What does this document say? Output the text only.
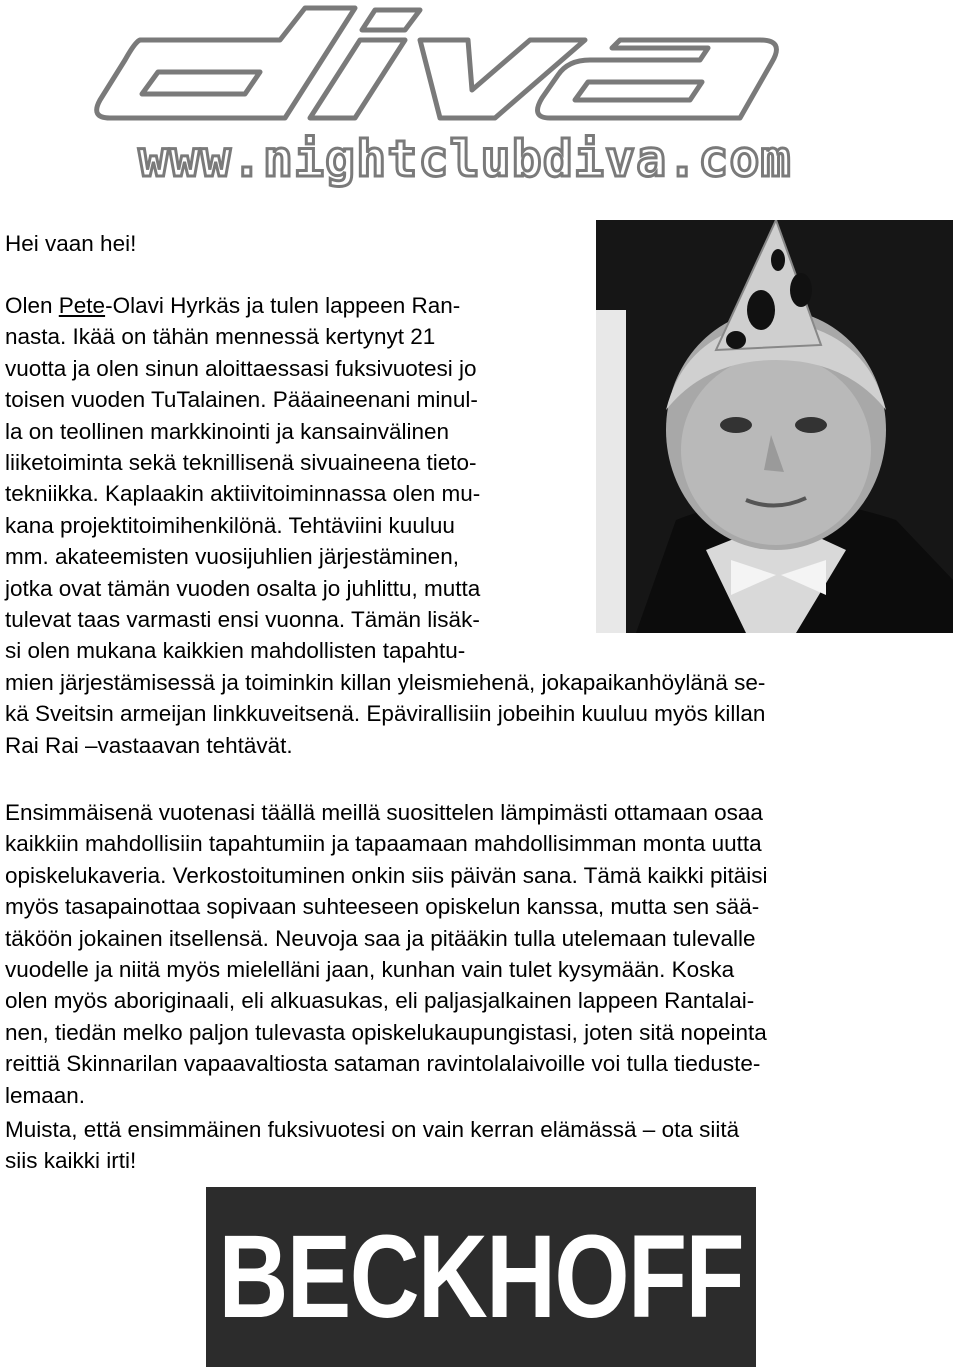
www.nightclubdiva.com

Hei vaan hei!

Olen Pete-Olavi Hyrkäs ja tulen lappeen Ran-
nasta. Ikää on tähän mennessä kertynyt 21
vuotta ja olen sinun aloittaessasi fuksivuotesi jo
toisen vuoden TuTalainen. Pääaineenani minul-
la on teollinen markkinointi ja kansainvälinen
liiketoiminta sekä teknillisenä sivuaineena tieto-
tekniikka. Kaplaakin aktiivitoiminnassa olen mu-
kana projektitoimihenkilönä. Tehtäviini kuuluu
mm. akateemisten vuosijuhlien järjestäminen,
jotka ovat tämän vuoden osalta jo juhlittu, mutta
tulevat taas varmasti ensi vuonna. Tämän lisäk-
si olen mukana kaikkien mahdollisten tapahtu-
mien järjestämisessä ja toiminkin killan yleismiehenä, jokapaikanhöylänä se-
kä Sveitsin armeijan linkkuveitsenä. Epävirallisiin jobeihin kuuluu myös killan
Rai Rai –vastaavan tehtävät.

Ensimmäisenä vuotenasi täällä meillä suosittelen lämpimästi ottamaan osaa
kaikkiin mahdollisiin tapahtumiin ja tapaamaan mahdollisimman monta uutta
opiskelukaveria. Verkostoituminen onkin siis päivän sana. Tämä kaikki pitäisi
myös tasapainottaa sopivaan suhteeseen opiskelun kanssa, mutta sen sää-
täköön jokainen itsellensä. Neuvoja saa ja pitääkin tulla utelemaan tulevalle
vuodelle ja niitä myös mielelläni jaan, kunhan vain tulet kysymään. Koska
olen myös aboriginaali, eli alkuasukas, eli paljasjalkainen lappeen Rantalai-
nen, tiedän melko paljon tulevasta opiskelukaupungistasi, joten sitä nopeinta
reittiä Skinnarilan vapaavaltiosta sataman ravintolalaivoille voi tulla tieduste-
lemaan.

Muista, että ensimmäinen fuksivuotesi on vain kerran elämässä – ota siitä
siis kaikki irti!

BECKHOFF
